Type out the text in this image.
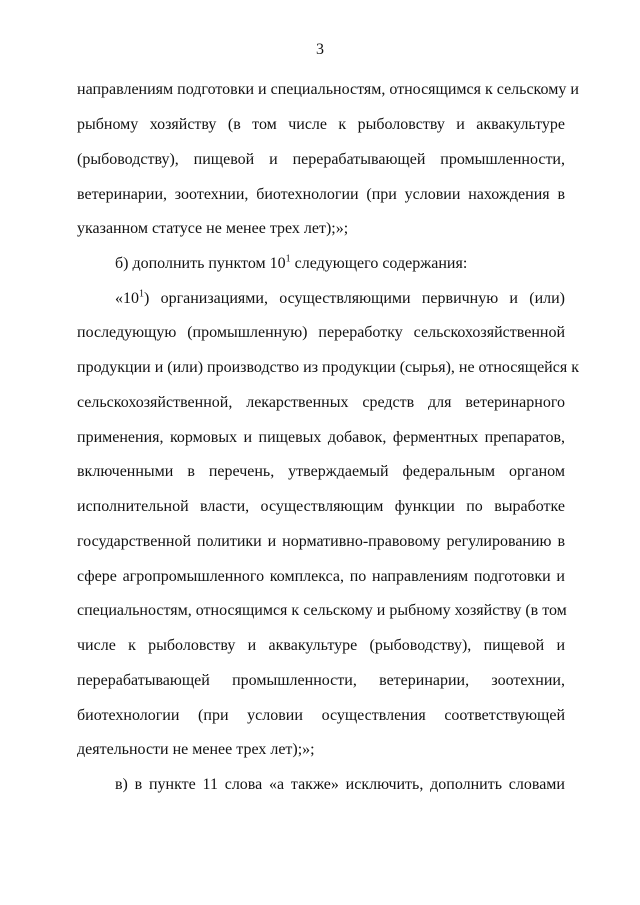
3
направлениям подготовки и специальностям, относящимся к сельскому и
рыбному хозяйству (в том числе к рыболовству и аквакультуре
(рыбоводству), пищевой и перерабатывающей промышленности,
ветеринарии, зоотехнии, биотехнологии (при условии нахождения в
указанном статусе не менее трех лет);»;
б) дополнить пунктом $10^1$ следующего содержания:
«$10^1$) организациями, осуществляющими первичную и (или)
последующую (промышленную) переработку сельскохозяйственной
продукции и (или) производство из продукции (сырья), не относящейся к
сельскохозяйственной, лекарственных средств для ветеринарного
применения, кормовых и пищевых добавок, ферментных препаратов,
включенными в перечень, утверждаемый федеральным органом
исполнительной власти, осуществляющим функции по выработке
государственной политики и нормативно-правовому регулированию в
сфере агропромышленного комплекса, по направлениям подготовки и
специальностям, относящимся к сельскому и рыбному хозяйству (в том
числе к рыболовству и аквакультуре (рыбоводству), пищевой и
перерабатывающей промышленности, ветеринарии, зоотехнии,
биотехнологии (при условии осуществления соответствующей
деятельности не менее трех лет);»;
в) в пункте 11 слова «а также» исключить, дополнить словами
